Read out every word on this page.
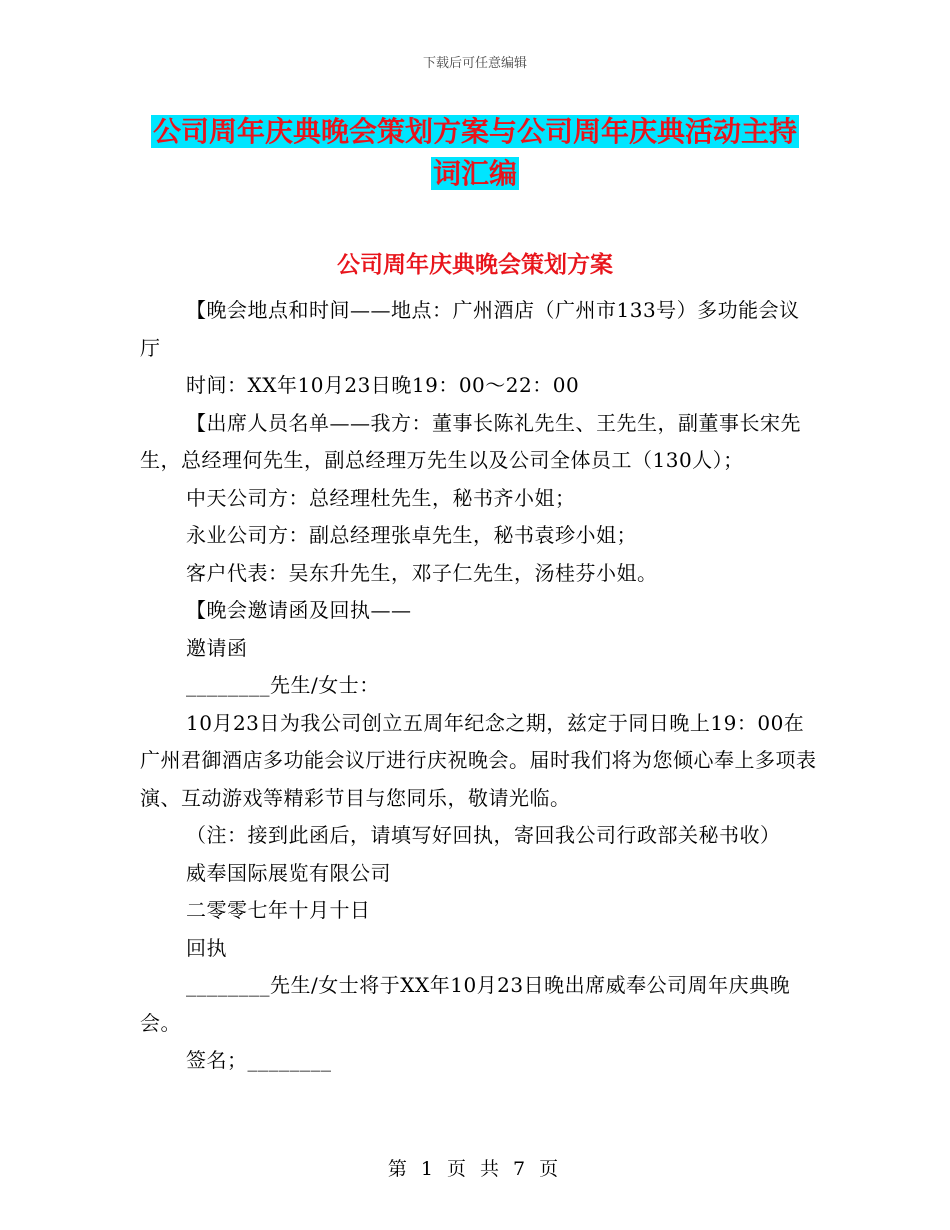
下载后可任意编辑
公司周年庆典晚会策划方案与公司周年庆典活动主持
词汇编
公司周年庆典晚会策划方案

【晚会地点和时间——地点：广州酒店（广州市133号）多功能会议厅

时间：XX年10月23日晚19：00～22：00

【出席人员名单——我方：董事长陈礼先生、王先生，副董事长宋先生，总经理何先生，副总经理万先生以及公司全体员工（130人）；

中天公司方：总经理杜先生，秘书齐小姐；

永业公司方：副总经理张卓先生，秘书袁珍小姐；

客户代表：吴东升先生，邓子仁先生，汤桂芬小姐。

【晚会邀请函及回执——

邀请函

________先生/女士：

10月23日为我公司创立五周年纪念之期，兹定于同日晚上19：00在广州君御酒店多功能会议厅进行庆祝晚会。届时我们将为您倾心奉上多项表演、互动游戏等精彩节目与您同乐，敬请光临。

（注：接到此函后，请填写好回执，寄回我公司行政部关秘书收）

威奉国际展览有限公司

二零零七年十月十日

回执

________先生/女士将于XX年10月23日晚出席威奉公司周年庆典晚会。

签名；________

第 1 页 共 7 页
